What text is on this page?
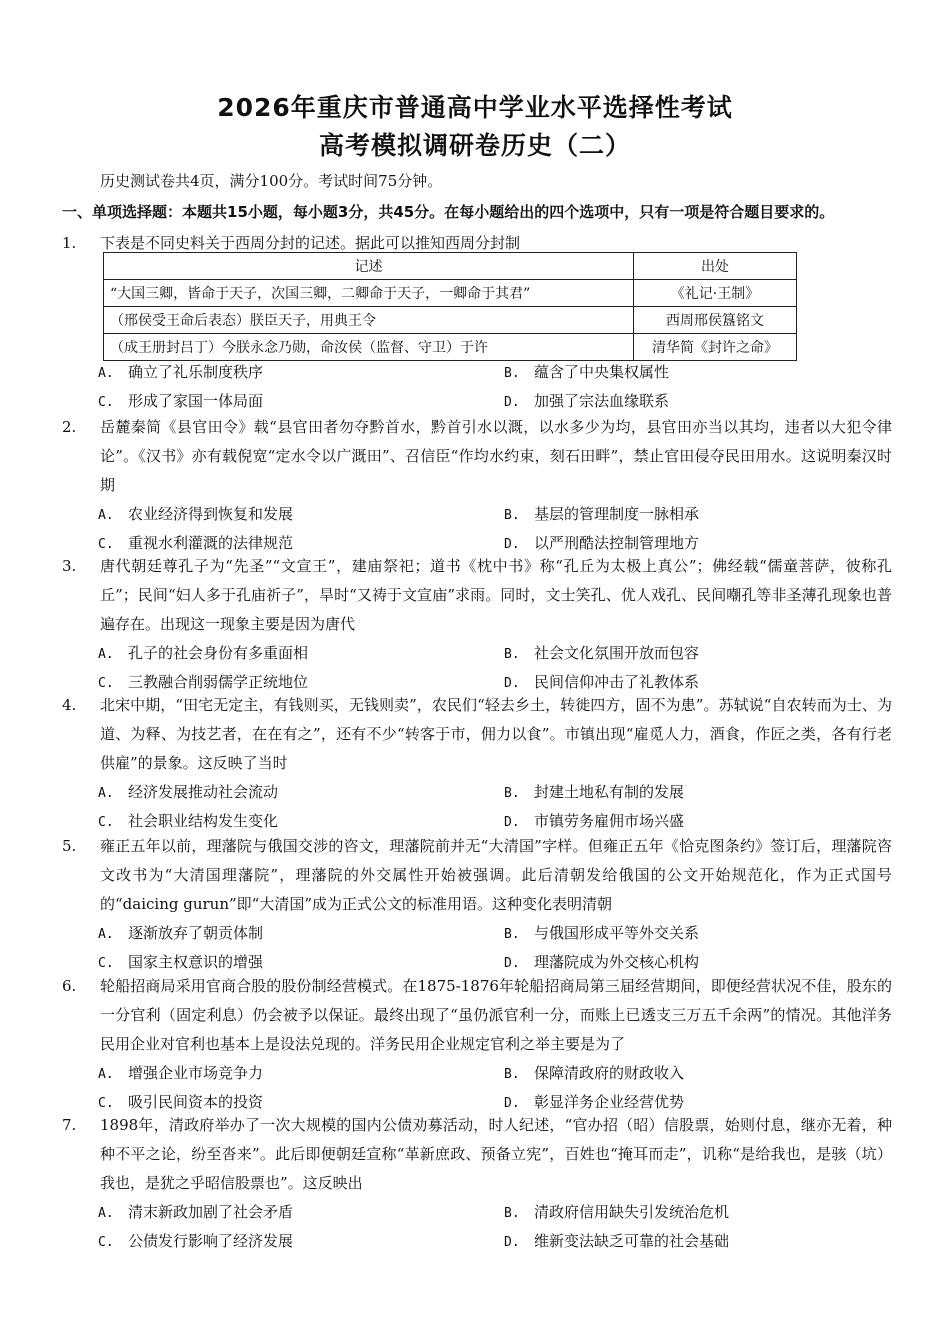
2026年重庆市普通高中学业水平选择性考试
高考模拟调研卷历史（二）
历史测试卷共4页，满分100分。考试时间75分钟。
一、单项选择题：本题共15小题，每小题3分，共45分。在每小题给出的四个选项中，只有一项是符合题目要求的。
1.	下表是不同史料关于西周分封的记述。据此可以推知西周分封制
记述	出处
“大国三卿，皆命于天子，次国三卿，二卿命于天子，一卿命于其君”	《礼记·王制》
（邢侯受王命后表态）朕臣天子，用典王令	西周邢侯簋铭文
（成王册封吕丁）今朕永念乃勋，命汝侯（监督、守卫）于许	清华简《封许之命》
A. 确立了礼乐制度秩序	B. 蕴含了中央集权属性
C. 形成了家国一体局面	D. 加强了宗法血缘联系
2.	岳麓秦简《县官田令》载“县官田者勿夺黔首水，黔首引水以溉，以水多少为均，县官田亦当以其均，违者以大犯令律论”。《汉书》亦有载倪宽“定水令以广溉田”、召信臣“作均水约束，刻石田畔”，禁止官田侵夺民田用水。这说明秦汉时期
A. 农业经济得到恢复和发展	B. 基层的管理制度一脉相承
C. 重视水利灌溉的法律规范	D. 以严刑酷法控制管理地方
3.	唐代朝廷尊孔子为“先圣”“文宣王”，建庙祭祀；道书《枕中书》称“孔丘为太极上真公”；佛经载“儒童菩萨，彼称孔丘”；民间“妇人多于孔庙祈子”，旱时“又祷于文宣庙”求雨。同时，文士笑孔、优人戏孔、民间嘲孔等非圣薄孔现象也普遍存在。出现这一现象主要是因为唐代
A. 孔子的社会身份有多重面相	B. 社会文化氛围开放而包容
C. 三教融合削弱儒学正统地位	D. 民间信仰冲击了礼教体系
4.	北宋中期，“田宅无定主，有钱则买，无钱则卖”，农民们“轻去乡土，转徙四方，固不为患”。苏轼说“自农转而为士、为道、为释、为技艺者，在在有之”，还有不少“转客于市，佣力以食”。市镇出现“雇觅人力，酒食，作匠之类，各有行老供雇”的景象。这反映了当时
A. 经济发展推动社会流动	B. 封建土地私有制的发展
C. 社会职业结构发生变化	D. 市镇劳务雇佣市场兴盛
5.	雍正五年以前，理藩院与俄国交涉的咨文，理藩院前并无“大清国”字样。但雍正五年《恰克图条约》签订后，理藩院咨文改书为“大清国理藩院”，理藩院的外交属性开始被强调。此后清朝发给俄国的公文开始规范化，作为正式国号的“daicing gurun”即“大清国”成为正式公文的标准用语。这种变化表明清朝
A. 逐渐放弃了朝贡体制	B. 与俄国形成平等外交关系
C. 国家主权意识的增强	D. 理藩院成为外交核心机构
6.	轮船招商局采用官商合股的股份制经营模式。在1875-1876年轮船招商局第三届经营期间，即便经营状况不佳，股东的一分官利（固定利息）仍会被予以保证。最终出现了“虽仍派官利一分，而账上已透支三万五千余两”的情况。其他洋务民用企业对官利也基本上是设法兑现的。洋务民用企业规定官利之举主要是为了
A. 增强企业市场竞争力	B. 保障清政府的财政收入
C. 吸引民间资本的投资	D. 彰显洋务企业经营优势
7.	1898年，清政府举办了一次大规模的国内公债劝募活动，时人纪述，“官办招（昭）信股票，始则付息，继亦无着，种种不平之论，纷至沓来”。此后即便朝廷宣称“革新庶政、预备立宪”，百姓也“掩耳而走”，讥称“是给我也，是骇（坑）我也，是犹之乎昭信股票也”。这反映出
A. 清末新政加剧了社会矛盾	B. 清政府信用缺失引发统治危机
C. 公债发行影响了经济发展	D. 维新变法缺乏可靠的社会基础
